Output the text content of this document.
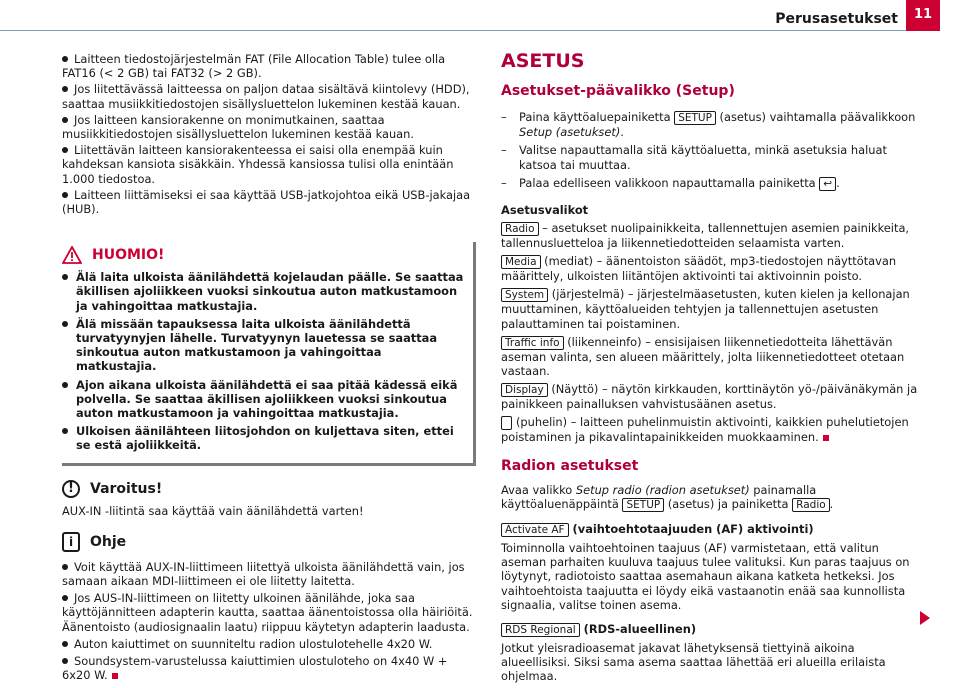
Perusasetukset	11
Laitteen tiedostojärjestelmän FAT (File Allocation Table) tulee olla FAT16 (< 2 GB) tai FAT32 (> 2 GB).
Jos liitettävässä laitteessa on paljon dataa sisältävä kiintolevy (HDD), saattaa musiikkitiedostojen sisällysluettelon lukeminen kestää kauan.
Jos laitteen kansiorakenne on monimutkainen, saattaa musiikkitiedostojen sisällysluettelon lukeminen kestää kauan.
Liitettävän laitteen kansiorakenteessa ei saisi olla enempää kuin kahdeksan kansiota sisäkkäin. Yhdessä kansiossa tulisi olla enintään 1.000 tiedostoa.
Laitteen liittämiseksi ei saa käyttää USB-jatkojohtoa eikä USB-jakajaa (HUB).
HUOMIO!
Älä laita ulkoista äänilähdettä kojelaudan päälle. Se saattaa äkillisen ajoliikkeen vuoksi sinkoutua auton matkustamoon ja vahingoittaa matkustajia.
Älä missään tapauksessa laita ulkoista äänilähdettä turvatyynyjen lähelle. Turvatyynyn lauetessa se saattaa sinkoutua auton matkustamoon ja vahingoittaa matkustajia.
Ajon aikana ulkoista äänilähdettä ei saa pitää kädessä eikä polvella. Se saattaa äkillisen ajoliikkeen vuoksi sinkoutua auton matkustamoon ja vahingoittaa matkustajia.
Ulkoisen äänilähteen liitosjohdon on kuljettava siten, ettei se estä ajoliikkeitä.
!	Varoitus!

AUX-IN -liitintä saa käyttää vain äänilähdettä varten!

i	Ohje
Voit käyttää AUX-IN-liittimeen liitettyä ulkoista äänilähdettä vain, jos samaan aikaan MDI-liittimeen ei ole liitetty laitetta.
Jos AUS-IN-liittimeen on liitetty ulkoinen äänilähde, joka saa käyttöjännitteen adapterin kautta, saattaa äänentoistossa olla häiriöitä. Äänentoisto (audiosignaalin laatu) riippuu käytetyn adapterin laadusta.
Auton kaiuttimet on suunniteltu radion ulostulotehelle 4x20 W.
Soundsystem-varustelussa kaiuttimien ulostuloteho on 4x40 W + 6x20 W.
ASETUS
Asetukset-päävalikko (Setup)
– Paina käyttöaluepainiketta SETUP (asetus) vaihtamalla päävalikkoon Setup (asetukset).
– Valitse napauttamalla sitä käyttöaluetta, minkä asetuksia haluat katsoa tai muuttaa.
– Palaa edelliseen valikkoon napauttamalla painiketta ↩ .
Asetusvalikot

Radio – asetukset nuolipainikkeita, tallennettujen asemien painikkeita, tallennusluetteloa ja liikennetiedotteiden selaamista varten.

Media (mediat) – äänentoiston säädöt, mp3-tiedostojen näyttötavan määrittely, ulkoisten liitäntöjen aktivointi tai aktivoinnin poisto.

System (järjestelmä) – järjestelmäasetusten, kuten kielen ja kellonajan muuttaminen, käyttöalueiden tehtyjen ja tallennettujen asetusten palauttaminen tai poistaminen.

Traffic info (liikenneinfo) – ensisijaisen liikennetiedotteita lähettävän aseman valinta, sen alueen määrittely, jolta liikennetiedotteet otetaan vastaan.

Display (Näyttö) – näytön kirkkauden, korttinäytön yö-/päivänäkymän ja painikkeen painalluksen vahvistusäänen asetus.

(puhelin) – laitteen puhelinmuistin aktivointi, kaikkien puhelutietojen poistaminen ja pikavalintapainikkeiden muokkaaminen.

Radion asetukset

Avaa valikko Setup radio (radion asetukset) painamalla käyttöaluenäppäintä SETUP (asetus) ja painiketta Radio .

Activate AF (vaihtoehtotaajuuden (AF) aktivointi)

Toiminnolla vaihtoehtoinen taajuus (AF) varmistetaan, että valitun aseman parhaiten kuuluva taajuus tulee valituksi. Kun paras taajuus on löytynyt, radiotoisto saattaa asemahaun aikana katketa hetkeksi. Jos vaihtoehtoista taajuutta ei löydy eikä vastaanotin enää saa kunnollista signaalia, valitse toinen asema.

RDS Regional (RDS-alueellinen)

Jotkut yleisradioasemat jakavat lähetyksensä tiettyinä aikoina alueellisiksi. Siksi sama asema saattaa lähettää eri alueilla erilaista ohjelmaa.
